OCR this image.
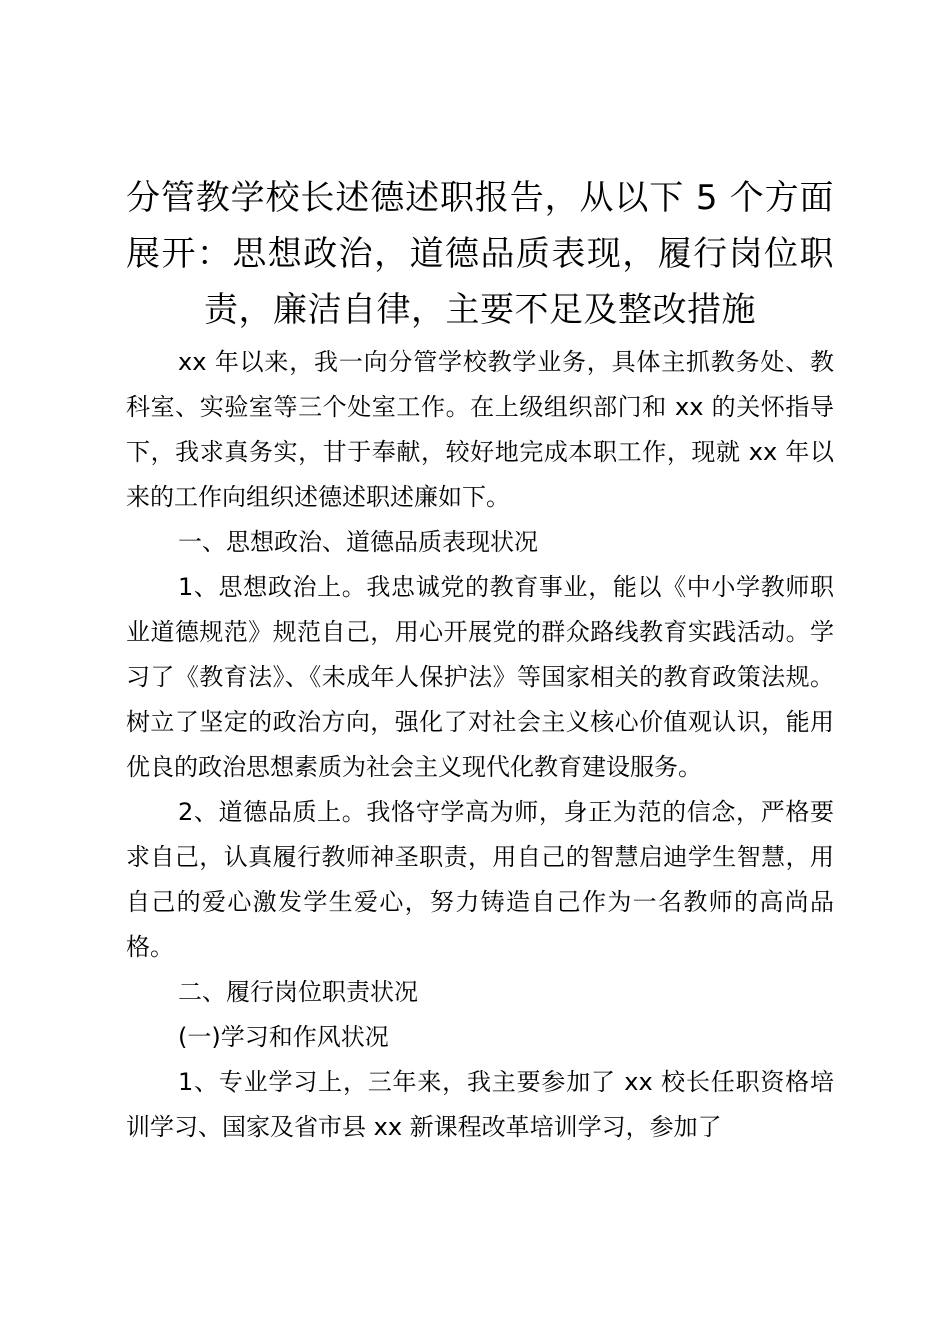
分管教学校长述德述职报告，从以下 5 个方面展开：思想政治，道德品质表现，履行岗位职责，廉洁自律，主要不足及整改措施

xx 年以来，我一向分管学校教学业务，具体主抓教务处、教科室、实验室等三个处室工作。在上级组织部门和 xx 的关怀指导下，我求真务实，甘于奉献，较好地完成本职工作，现就 xx 年以来的工作向组织述德述职述廉如下。

一、思想政治、道德品质表现状况

1、思想政治上。我忠诚党的教育事业，能以《中小学教师职业道德规范》规范自己，用心开展党的群众路线教育实践活动。学习了《教育法》、《未成年人保护法》等国家相关的教育政策法规。树立了坚定的政治方向，强化了对社会主义核心价值观认识，能用优良的政治思想素质为社会主义现代化教育建设服务。

2、道德品质上。我恪守学高为师，身正为范的信念，严格要求自己，认真履行教师神圣职责，用自己的智慧启迪学生智慧，用自己的爱心激发学生爱心，努力铸造自己作为一名教师的高尚品格。

二、履行岗位职责状况

(一)学习和作风状况

1、专业学习上，三年来，我主要参加了 xx 校长任职资格培训学习、国家及省市县 xx 新课程改革培训学习，参加了
